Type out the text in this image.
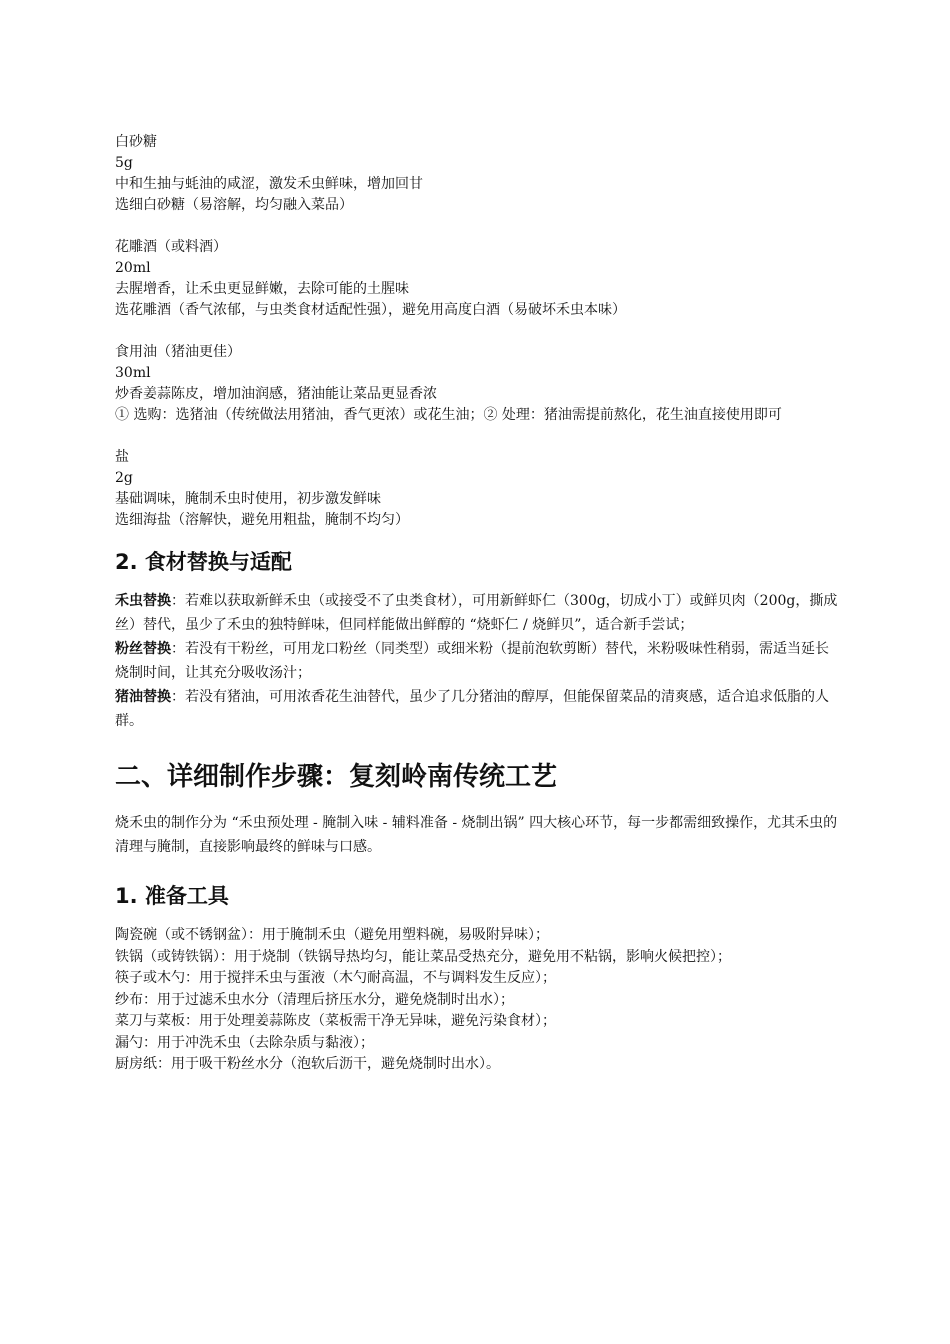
白砂糖

5g

中和生抽与蚝油的咸涩，激发禾虫鲜味，增加回甘

选细白砂糖（易溶解，均匀融入菜品）

花雕酒（或料酒）

20ml

去腥增香，让禾虫更显鲜嫩，去除可能的土腥味

选花雕酒（香气浓郁，与虫类食材适配性强），避免用高度白酒（易破坏禾虫本味）

食用油（猪油更佳）

30ml

炒香姜蒜陈皮，增加油润感，猪油能让菜品更显香浓

① 选购：选猪油（传统做法用猪油，香气更浓）或花生油；② 处理：猪油需提前熬化，花生油直接使用即可

盐

2g

基础调味，腌制禾虫时使用，初步激发鲜味

选细海盐（溶解快，避免用粗盐，腌制不均匀）

2. 食材替换与适配

禾虫替换：若难以获取新鲜禾虫（或接受不了虫类食材），可用新鲜虾仁（300g，切成小丁）或鲜贝肉（200g，撕成丝）替代，虽少了禾虫的独特鲜味，但同样能做出鲜醇的 “烧虾仁 / 烧鲜贝”，适合新手尝试；

粉丝替换：若没有干粉丝，可用龙口粉丝（同类型）或细米粉（提前泡软剪断）替代，米粉吸味性稍弱，需适当延长烧制时间，让其充分吸收汤汁；

猪油替换：若没有猪油，可用浓香花生油替代，虽少了几分猪油的醇厚，但能保留菜品的清爽感，适合追求低脂的人群。

二、详细制作步骤：复刻岭南传统工艺

烧禾虫的制作分为 “禾虫预处理 - 腌制入味 - 辅料准备 - 烧制出锅” 四大核心环节，每一步都需细致操作，尤其禾虫的清理与腌制，直接影响最终的鲜味与口感。

1. 准备工具

陶瓷碗（或不锈钢盆）：用于腌制禾虫（避免用塑料碗，易吸附异味）；

铁锅（或铸铁锅）：用于烧制（铁锅导热均匀，能让菜品受热充分，避免用不粘锅，影响火候把控）；

筷子或木勺：用于搅拌禾虫与蛋液（木勺耐高温，不与调料发生反应）；

纱布：用于过滤禾虫水分（清理后挤压水分，避免烧制时出水）；

菜刀与菜板：用于处理姜蒜陈皮（菜板需干净无异味，避免污染食材）；

漏勺：用于冲洗禾虫（去除杂质与黏液）；

厨房纸：用于吸干粉丝水分（泡软后沥干，避免烧制时出水）。
